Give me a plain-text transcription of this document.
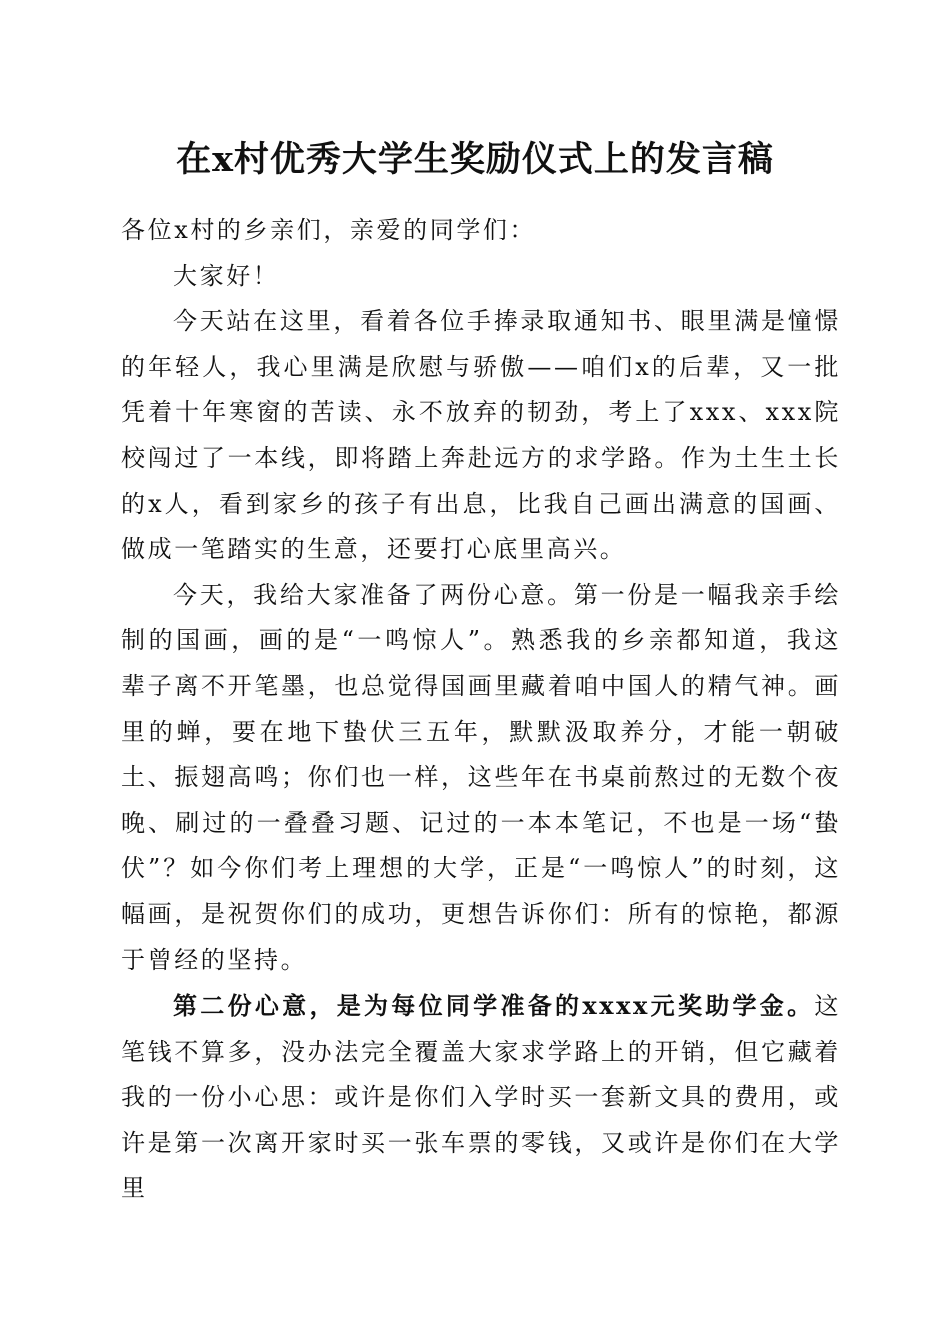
在x村优秀大学生奖励仪式上的发言稿

各位x村的乡亲们，亲爱的同学们：

大家好！

今天站在这里，看着各位手捧录取通知书、眼里满是憧憬的年轻人，我心里满是欣慰与骄傲——咱们x的后辈，又一批凭着十年寒窗的苦读、永不放弃的韧劲，考上了xxx、xxx院校闯过了一本线，即将踏上奔赴远方的求学路。作为土生土长的x人，看到家乡的孩子有出息，比我自己画出满意的国画、做成一笔踏实的生意，还要打心底里高兴。

今天，我给大家准备了两份心意。第一份是一幅我亲手绘制的国画，画的是“一鸣惊人”。熟悉我的乡亲都知道，我这辈子离不开笔墨，也总觉得国画里藏着咱中国人的精气神。画里的蝉，要在地下蛰伏三五年，默默汲取养分，才能一朝破土、振翅高鸣；你们也一样，这些年在书桌前熬过的无数个夜晚、刷过的一叠叠习题、记过的一本本笔记，不也是一场“蛰伏”？如今你们考上理想的大学，正是“一鸣惊人”的时刻，这幅画，是祝贺你们的成功，更想告诉你们：所有的惊艳，都源于曾经的坚持。

第二份心意，是为每位同学准备的xxxx元奖助学金。这笔钱不算多，没办法完全覆盖大家求学路上的开销，但它藏着我的一份小心思：或许是你们入学时买一套新文具的费用，或许是第一次离开家时买一张车票的零钱，又或许是你们在大学里
